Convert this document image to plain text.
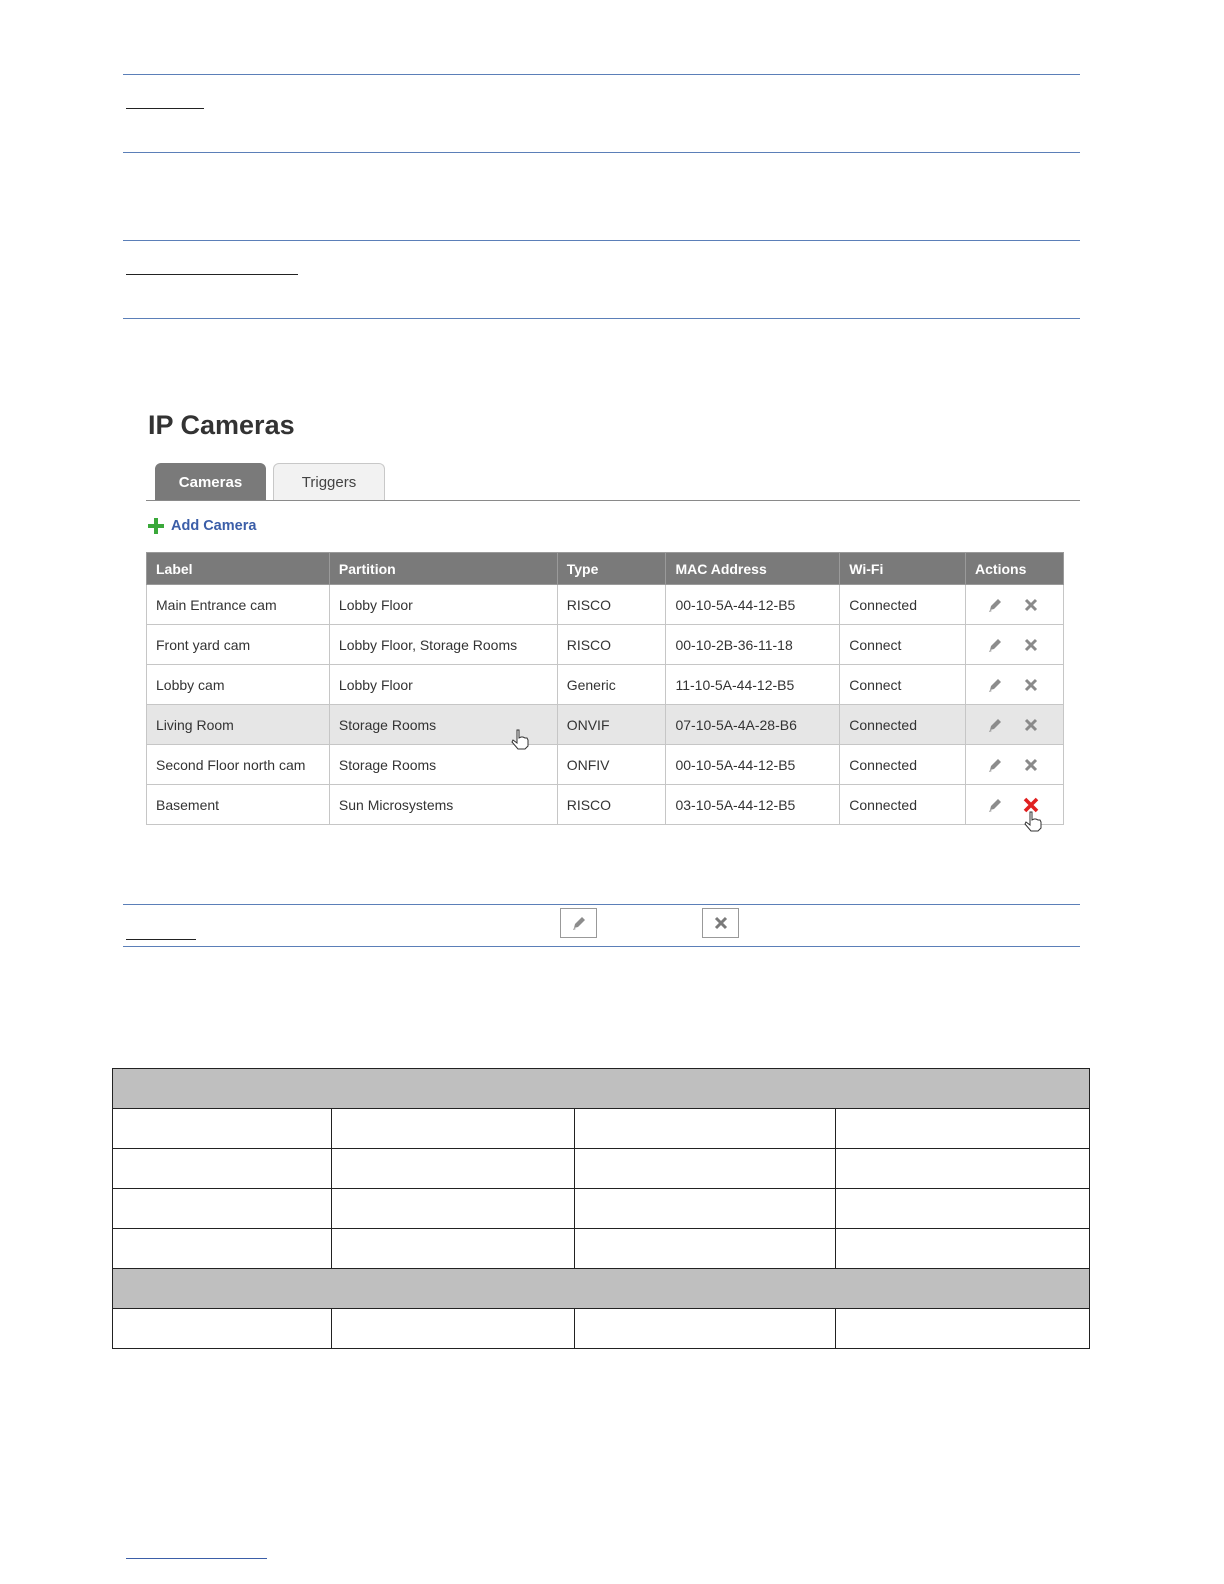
IP Cameras
Cameras	Triggers
Add Camera
Label	Partition	Type	MAC Address	Wi-Fi	Actions
Main Entrance cam	Lobby Floor	RISCO	00-10-5A-44-12-B5	Connected	

Front yard cam	Lobby Floor, Storage Rooms	RISCO	00-10-2B-36-11-18	Connect	

Lobby cam	Lobby Floor	Generic	11-10-5A-44-12-B5	Connect	

Living Room	Storage Rooms	ONVIF	07-10-5A-4A-28-B6	Connected	

Second Floor north cam	Storage Rooms	ONFIV	00-10-5A-44-12-B5	Connected	

Basement	Sun Microsystems	RISCO	03-10-5A-44-12-B5	Connected	
